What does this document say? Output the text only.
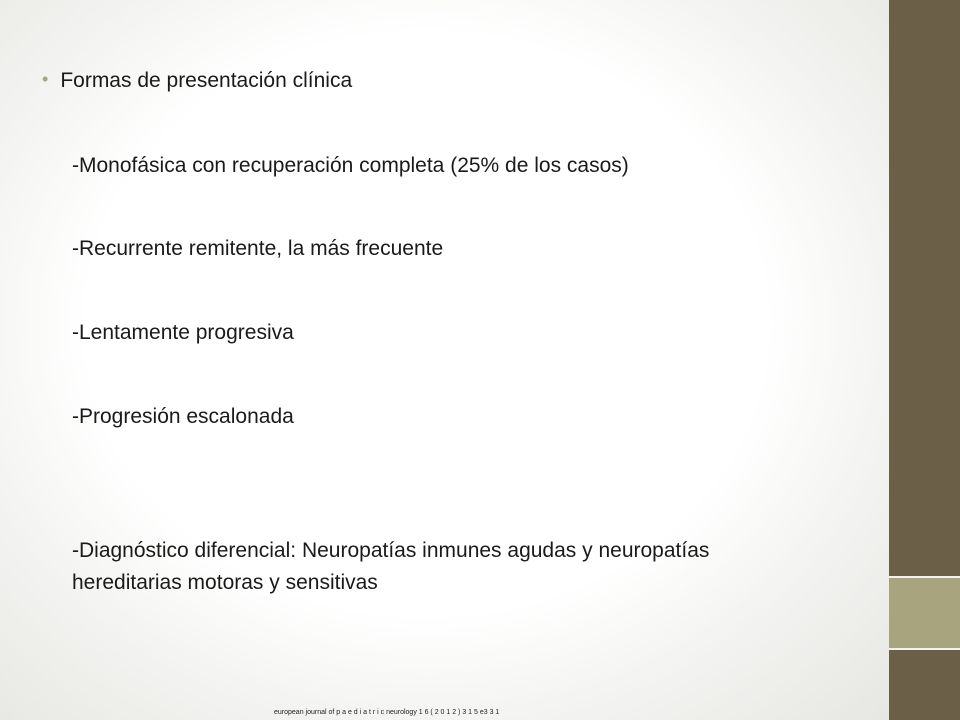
• Formas de presentación clínica
-Monofásica con recuperación completa (25% de los casos)
-Recurrente remitente, la más frecuente
-Lentamente progresiva
-Progresión escalonada
-Diagnóstico diferencial: Neuropatías inmunes agudas y neuropatías hereditarias motoras y sensitivas
european journal of p a e d i a t r i c neurology 1 6 ( 2 0 1 2 ) 3 1 5 e3 3 1
